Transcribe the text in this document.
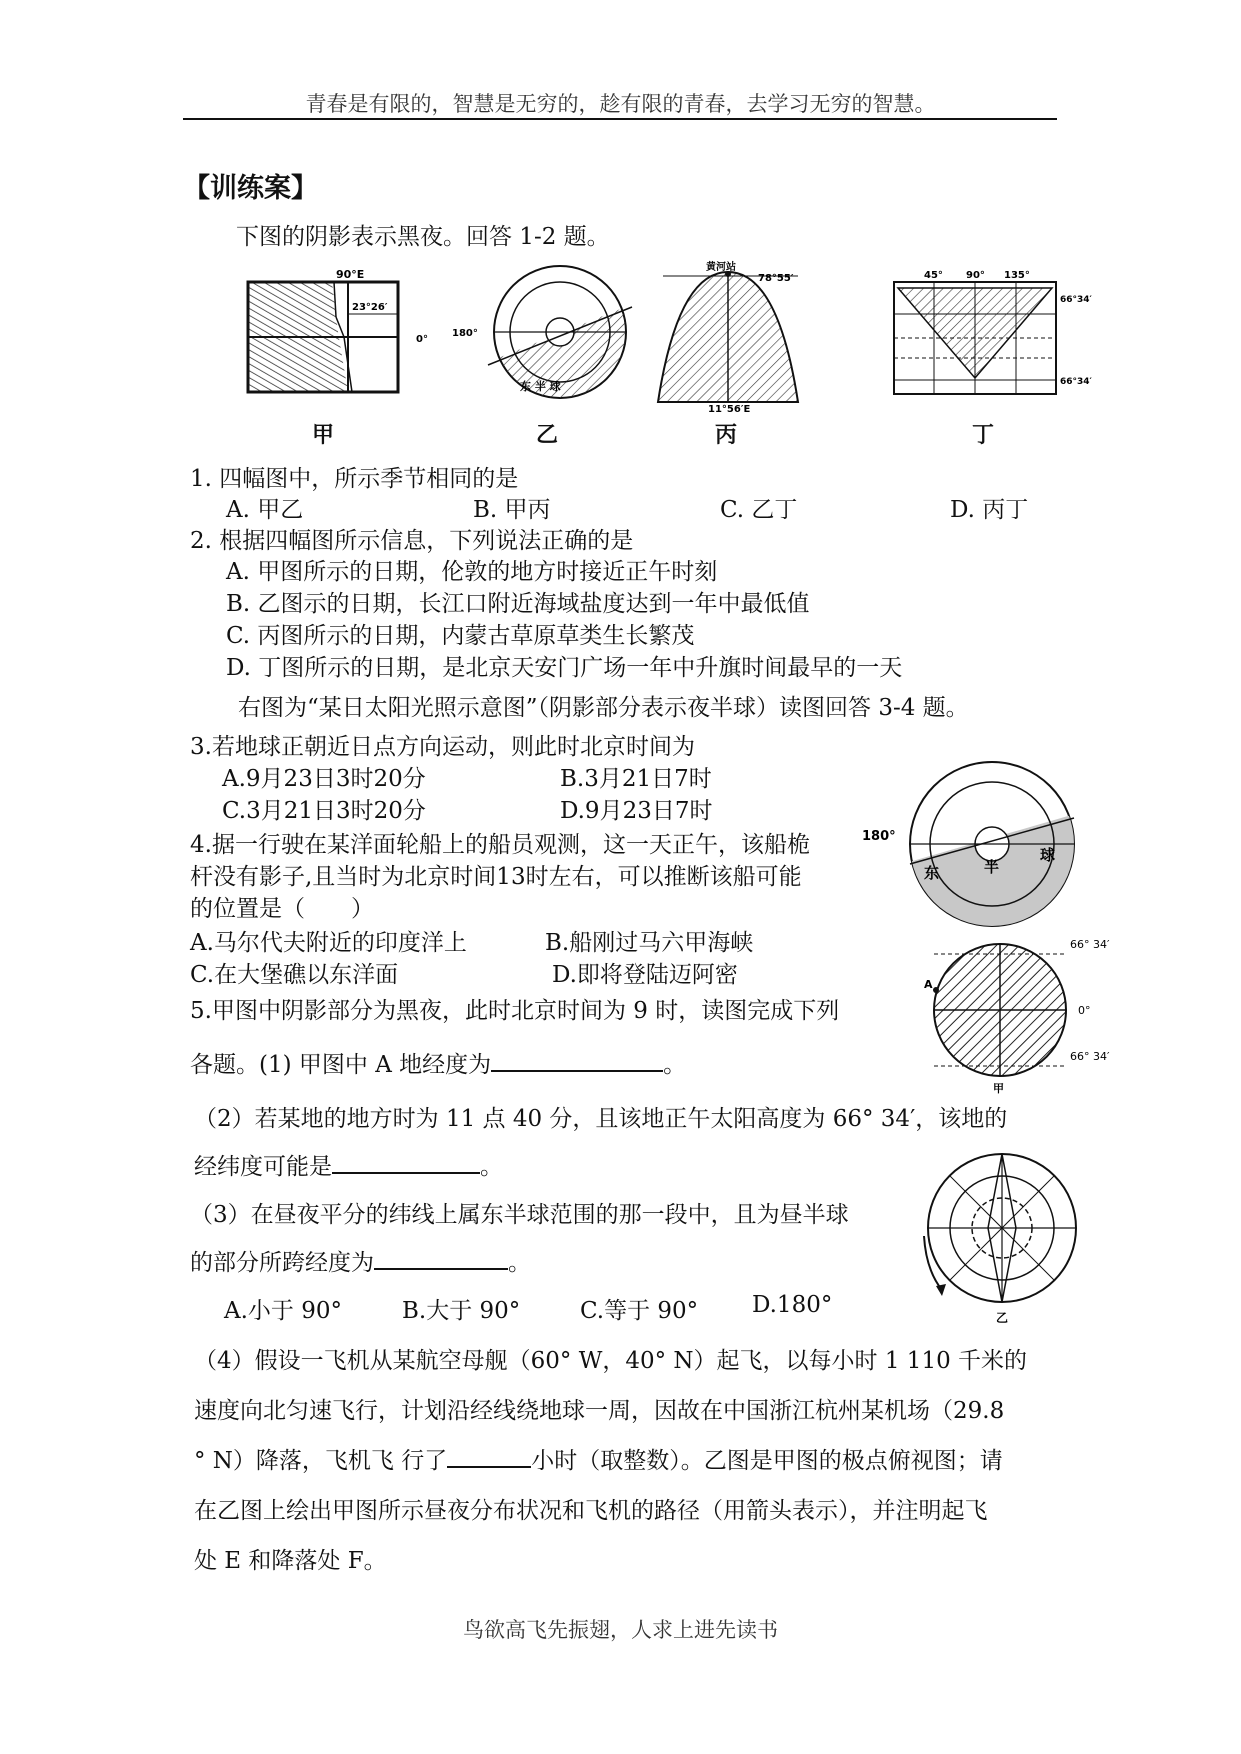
青春是有限的，智慧是无穷的，趁有限的青春，去学习无穷的智慧。
【训练案】
下图的阴影表示黑夜。回答 1-2 题。
90°E
23°26′
0°
甲
180°
东 半 球
乙
黄河站
78°55′
11°56′E
丙
45° 90° 135°
66°34′
66°34′
丁
1. 四幅图中，所示季节相同的是
A. 甲乙	B. 甲丙	C. 乙丁	D. 丙丁
2. 根据四幅图所示信息，下列说法正确的是
A. 甲图所示的日期，伦敦的地方时接近正午时刻
B. 乙图示的日期，长江口附近海域盐度达到一年中最低值
C. 丙图所示的日期，内蒙古草原草类生长繁茂
D. 丁图所示的日期，是北京天安门广场一年中升旗时间最早的一天
右图为“某日太阳光照示意图”（阴影部分表示夜半球）读图回答 3-4 题。
3.若地球正朝近日点方向运动，则此时北京时间为
A.9月23日3时20分	B.3月21日7时
C.3月21日3时20分	D.9月23日7时
4.据一行驶在某洋面轮船上的船员观测，这一天正午，该船桅
杆没有影子,且当时为北京时间13时左右，可以推断该船可能
的位置是（　　）
A.马尔代夫附近的印度洋上	B.船刚过马六甲海峡
C.在大堡礁以东洋面	D.即将登陆迈阿密
180°
东	半
球
A
66° 34′
0°
66° 34′
甲
乙
5.甲图中阴影部分为黑夜，此时北京时间为 9 时，读图完成下列
各题。(1) 甲图中 A 地经度为	。
（2）若某地的地方时为 11 点 40 分，且该地正午太阳高度为 66° 34′，该地的
经纬度可能是	。
（3）在昼夜平分的纬线上属东半球范围的那一段中，且为昼半球
的部分所跨经度为	。
A.小于 90°	B.大于 90°	C.等于 90° D.180°
（4）假设一飞机从某航空母舰（60° W，40° N）起飞，以每小时 1 110 千米的
速度向北匀速飞行，计划沿经线绕地球一周，因故在中国浙江杭州某机场（29.8
° N）降落，飞机飞 行了	小时（取整数）。乙图是甲图的极点俯视图；请
在乙图上绘出甲图所示昼夜分布状况和飞机的路径（用箭头表示），并注明起飞
处 E 和降落处 F。
鸟欲高飞先振翅，人求上进先读书
